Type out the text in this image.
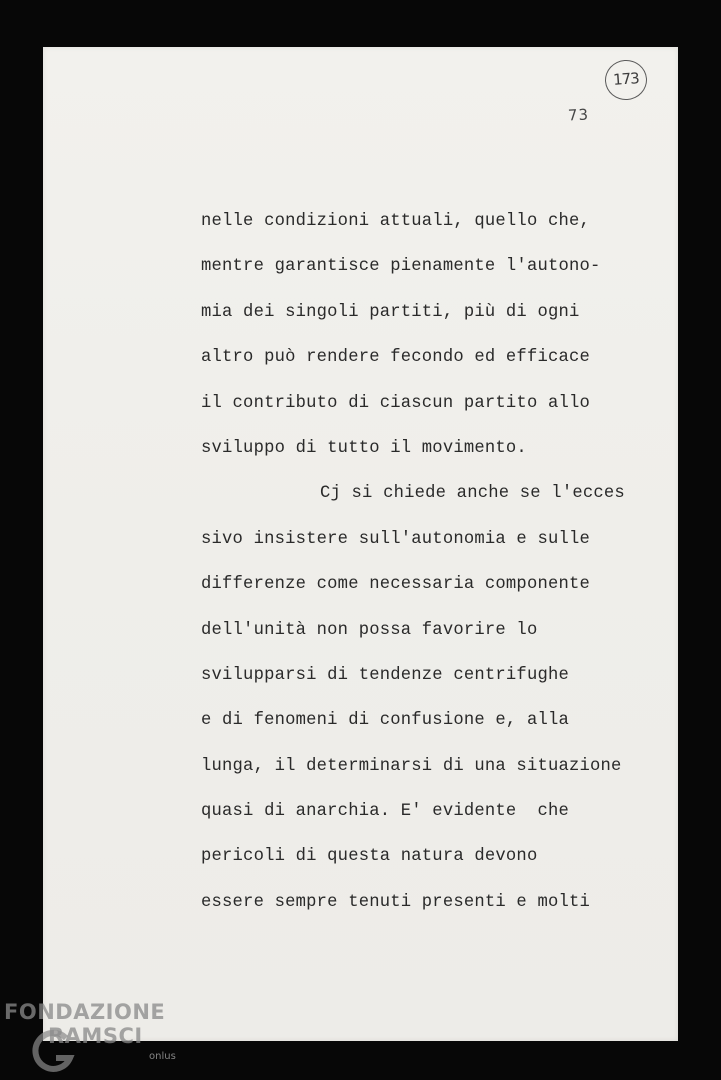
173
73
nelle condizioni attuali, quello che,
mentre garantisce pienamente l'autono-
mia dei singoli partiti, più di ogni
altro può rendere fecondo ed efficace
il contributo di ciascun partito allo
sviluppo di tutto il movimento.
Cj si chiede anche se l'ecces
sivo insistere sull'autonomia e sulle
differenze come necessaria componente
dell'unità non possa favorire lo
svilupparsi di tendenze centrifughe
e di fenomeni di confusione e, alla
lunga, il determinarsi di una situazione
quasi di anarchia. E' evidente  che
pericoli di questa natura devono
essere sempre tenuti presenti e molti
FONDAZIONE
RAMSCI
onlus
